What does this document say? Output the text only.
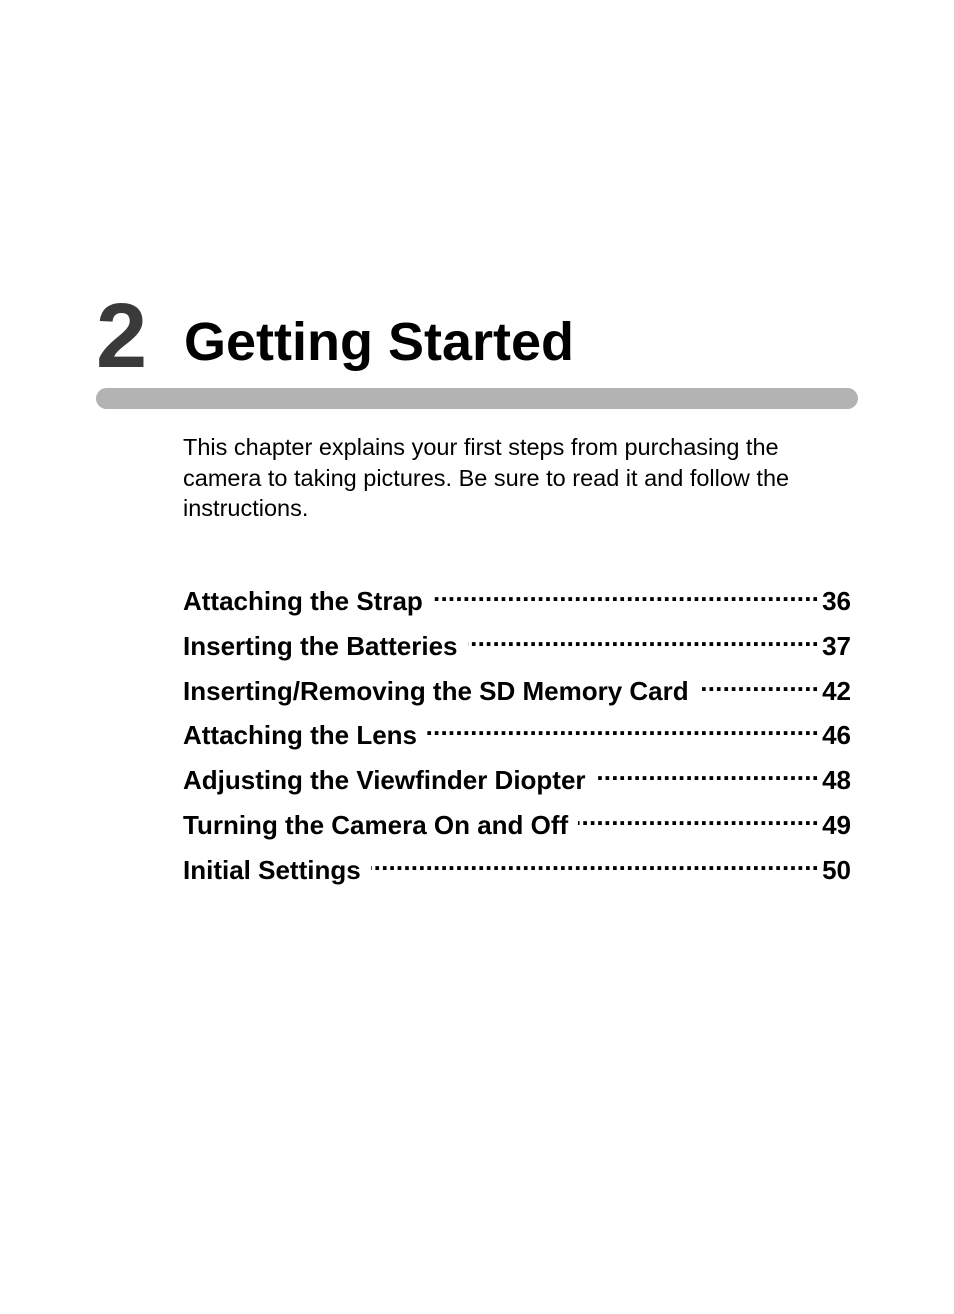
2 Getting Started

This chapter explains your first steps from purchasing the
camera to taking pictures. Be sure to read it and follow the
instructions.

Attaching the Strap .....	36
Inserting the Batteries .....	37
Inserting/Removing the SD Memory Card .....	42
Attaching the Lens .....	46
Adjusting the Viewfinder Diopter .....	48
Turning the Camera On and Off .....	49
Initial Settings .....	50
